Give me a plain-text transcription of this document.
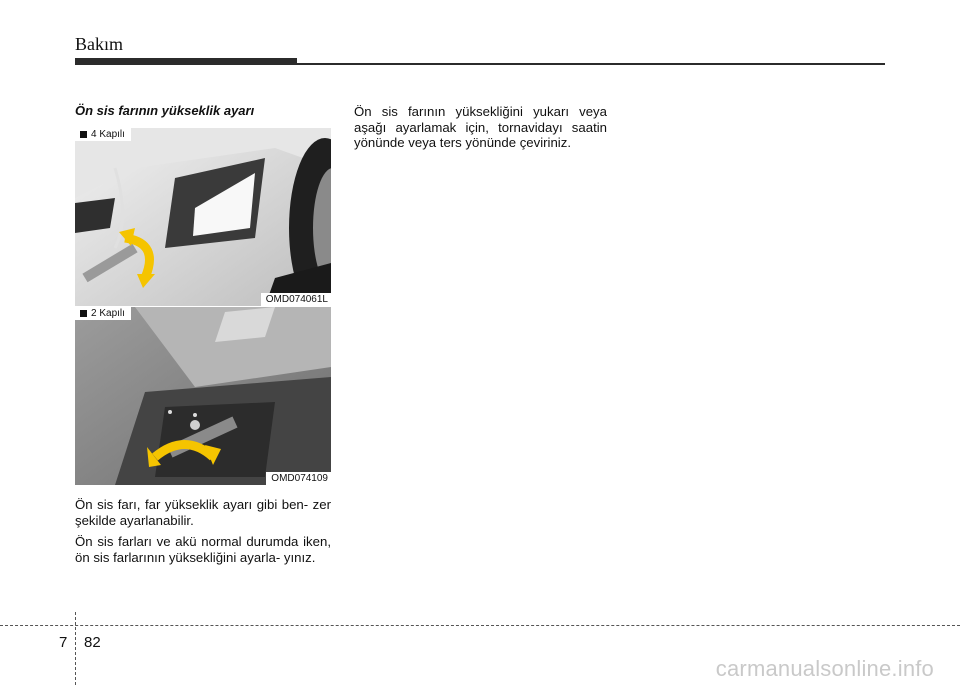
Bakım
Ön sis farının yükseklik ayarı
4 Kapılı
OMD074061L
2 Kapılı
OMD074109
Ön sis farı, far yükseklik ayarı gibi ben- zer şekilde ayarlanabilir.
Ön sis farları ve akü normal durumda iken, ön sis farlarının yüksekliğini ayarla- yınız.
Ön sis farının yüksekliğini yukarı veya aşağı ayarlamak için, tornavidayı saatin yönünde veya ters yönünde çeviriniz.
7 82
carmanualsonline.info
